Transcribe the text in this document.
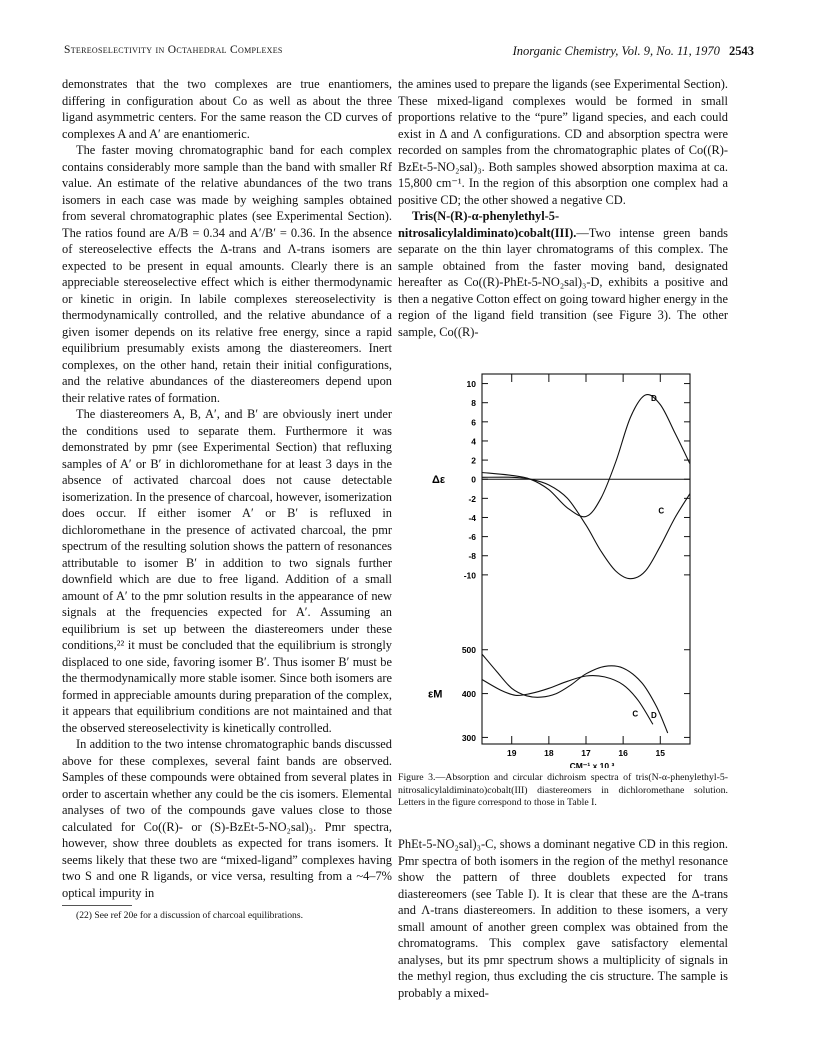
Stereoselectivity in Octahedral Complexes	Inorganic Chemistry, Vol. 9, No. 11, 1970 2543

demonstrates that the two complexes are true enantiomers, differing in configuration about Co as well as about the three ligand asymmetric centers. For the same reason the CD curves of complexes A and A′ are enantiomeric.

The faster moving chromatographic band for each complex contains considerably more sample than the band with smaller Rf value. An estimate of the relative abundances of the two trans isomers in each case was made by weighing samples obtained from several chromatographic plates (see Experimental Section). The ratios found are A/B = 0.34 and A′/B′ = 0.36. In the absence of stereoselective effects the Δ-trans and Λ-trans isomers are expected to be present in equal amounts. Clearly there is an appreciable stereoselective effect which is either thermodynamic or kinetic in origin. In labile complexes stereoselectivity is thermodynamically controlled, and the relative abundance of a given isomer depends on its relative free energy, since a rapid equilibrium presumably exists among the diastereomers. Inert complexes, on the other hand, retain their initial configurations, and the relative abundances of the diastereomers depend upon their relative rates of formation.

The diastereomers A, B, A′, and B′ are obviously inert under the conditions used to separate them. Furthermore it was demonstrated by pmr (see Experimental Section) that refluxing samples of A′ or B′ in dichloromethane for at least 3 days in the absence of activated charcoal does not cause detectable isomerization. In the presence of charcoal, however, isomerization does occur. If either isomer A′ or B′ is refluxed in dichloromethane in the presence of activated charcoal, the pmr spectrum of the resulting solution shows the pattern of resonances attributable to isomer B′ in addition to two signals further downfield which are due to free ligand. Addition of a small amount of A′ to the pmr solution results in the appearance of new signals at the frequencies expected for A′. Assuming an equilibrium is set up between the diastereomers under these conditions,²² it must be concluded that the equilibrium is strongly displaced to one side, favoring isomer B′. Thus isomer B′ must be the thermodynamically more stable isomer. Since both isomers are formed in appreciable amounts during preparation of the complex, it appears that equilibrium conditions are not maintained and that the observed stereoselectivity is kinetically controlled.

In addition to the two intense chromatographic bands discussed above for these complexes, several faint bands are observed. Samples of these compounds were obtained from several plates in order to ascertain whether any could be the cis isomers. Elemental analyses of two of the compounds gave values close to those calculated for Co((R)- or (S)-BzEt-5-NO₂sal)₃. Pmr spectra, however, show three doublets as expected for trans isomers. It seems likely that these two are “mixed-ligand” complexes having two S and one R ligands, or vice versa, resulting from a ~4–7% optical impurity in

(22) See ref 20e for a discussion of charcoal equilibrations.

the amines used to prepare the ligands (see Experimental Section). These mixed-ligand complexes would be formed in small proportions relative to the “pure” ligand species, and each could exist in Δ and Λ configurations. CD and absorption spectra were recorded on samples from the chromatographic plates of Co((R)-BzEt-5-NO₂sal)₃. Both samples showed absorption maxima at ca. 15,800 cm⁻¹. In the region of this absorption one complex had a positive CD; the other showed a negative CD.

Tris(N-(R)-α-phenylethyl-5-nitrosalicylaldiminato)cobalt(III).—Two intense green bands separate on the thin layer chromatograms of this complex. The sample obtained from the faster moving band, designated hereafter as Co((R)-PhEt-5-NO₂sal)₃-D, exhibits a positive and then a negative Cotton effect on going toward higher energy in the region of the ligand field transition (see Figure 3). The other sample, Co((R)-

10
8
6
4
2
0
-2
-4
-6
-8
-10
500
400
300
Δε
εM
19	18	17	16	15
CM⁻¹ x 10 ³
D
C
C D
Figure 3.—Absorption and circular dichroism spectra of tris(N-α-phenylethyl-5-nitrosalicylaldiminato)cobalt(III) diastereomers in dichloromethane solution. Letters in the figure correspond to those in Table I.

PhEt-5-NO₂sal)₃-C, shows a dominant negative CD in this region. Pmr spectra of both isomers in the region of the methyl resonance show the pattern of three doublets expected for trans diastereomers (see Table I). It is clear that these are the Δ-trans and Λ-trans diastereomers. In addition to these isomers, a very small amount of another green complex was obtained from the chromatograms. This complex gave satisfactory elemental analyses, but its pmr spectrum shows a multiplicity of signals in the methyl region, thus excluding the cis structure. The sample is probably a mixed-
